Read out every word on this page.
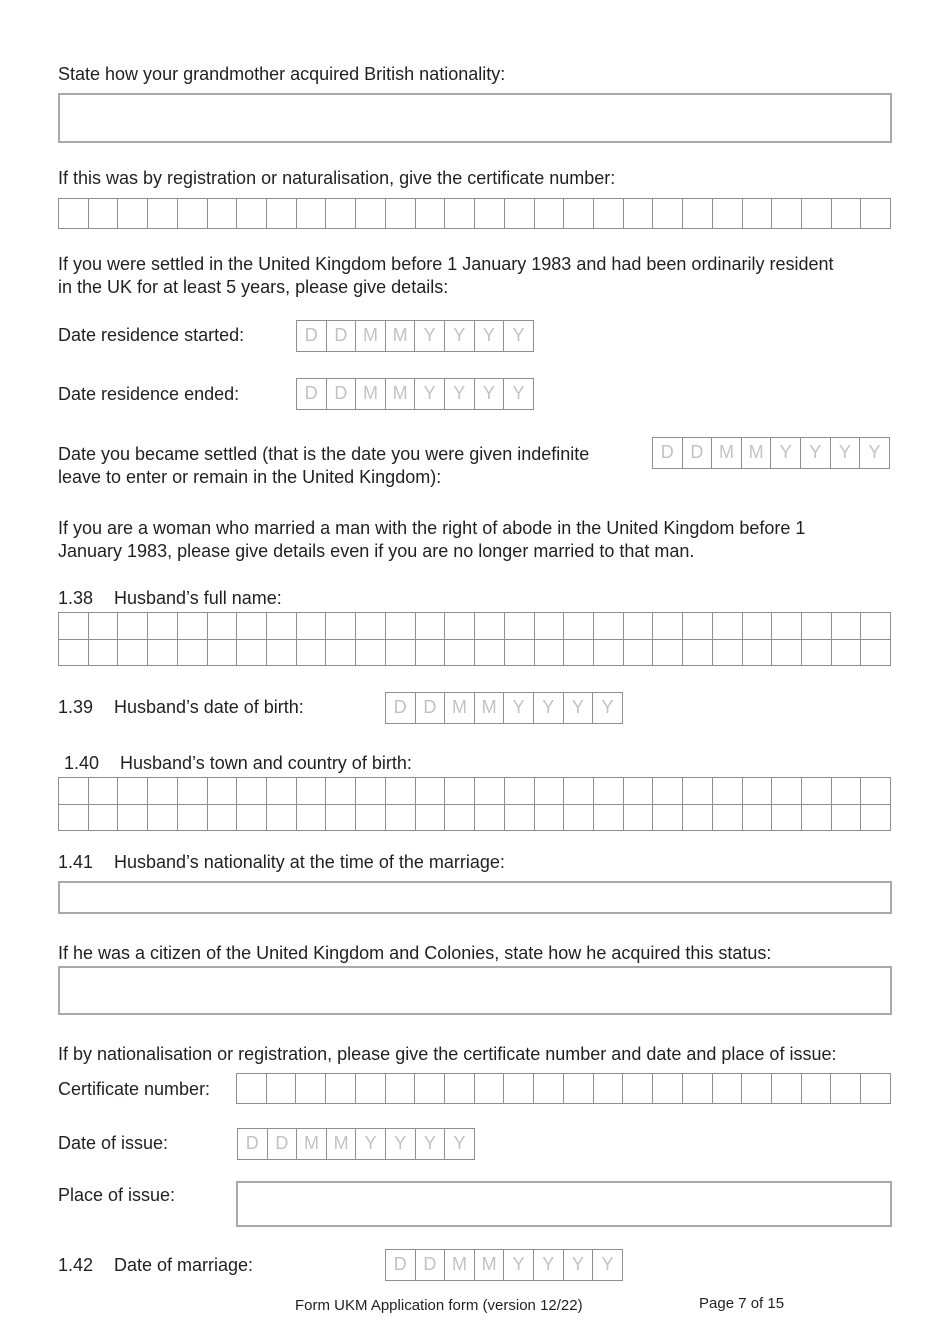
State how your grandmother acquired British nationality:
If this was by registration or naturalisation, give the certificate number:
If you were settled in the United Kingdom before 1 January 1983 and had been ordinarily resident
in the UK for at least 5 years, please give details:
Date residence started:	D D M M Y Y Y Y
Date residence ended:	D D M M Y Y Y Y
Date you became settled (that is the date you were given indefinite
leave to enter or remain in the United Kingdom):
D D M M Y Y Y Y
If you are a woman who married a man with the right of abode in the United Kingdom before 1
January 1983, please give details even if you are no longer married to that man.
1.38 Husband’s full name:
1.39 Husband’s date of birth:	D D M M Y Y Y Y
1.40 Husband’s town and country of birth:
1.41 Husband’s nationality at the time of the marriage:
If he was a citizen of the United Kingdom and Colonies, state how he acquired this status:
If by nationalisation or registration, please give the certificate number and date and place of issue:
Certificate number:
Date of issue:	D D M M Y Y Y Y
Place of issue:
1.42 Date of marriage:	D D M M Y Y Y Y
Form UKM Application form (version 12/22)	Page 7 of 15
